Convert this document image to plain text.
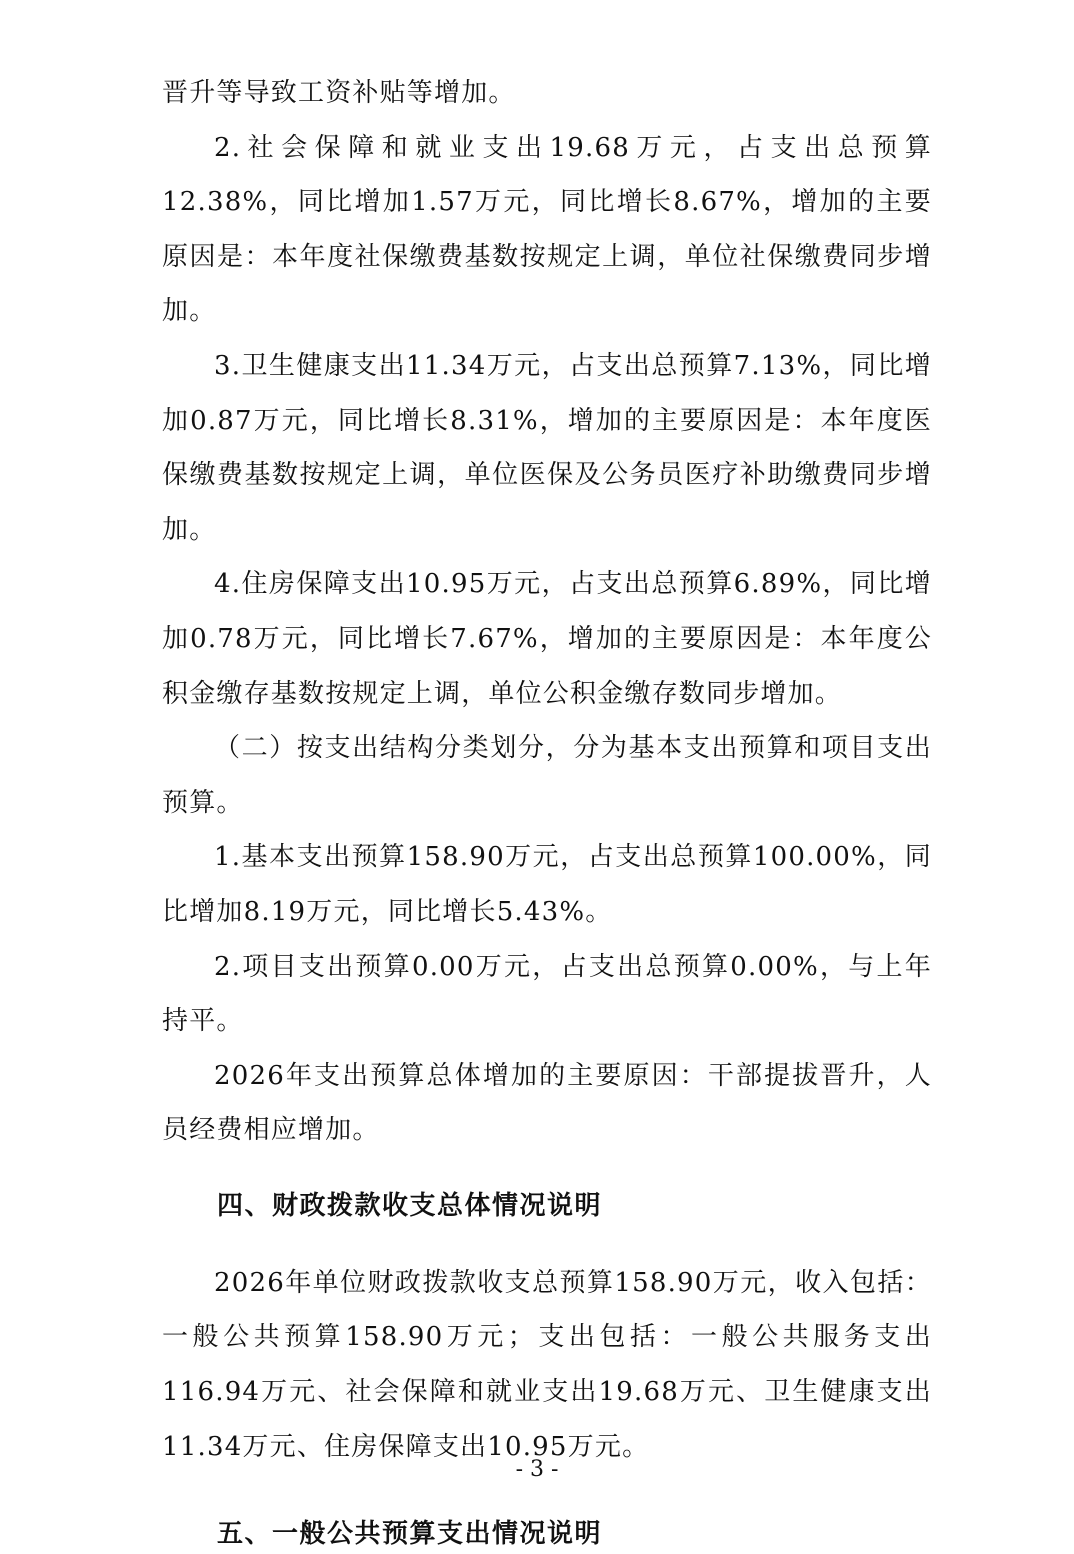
晋升等导致工资补贴等增加。

2.社会保障和就业支出19.68万元，占支出总预算12.38%，同比增加1.57万元，同比增长8.67%，增加的主要原因是：本年度社保缴费基数按规定上调，单位社保缴费同步增加。

3.卫生健康支出11.34万元，占支出总预算7.13%，同比增加0.87万元，同比增长8.31%，增加的主要原因是：本年度医保缴费基数按规定上调，单位医保及公务员医疗补助缴费同步增加。

4.住房保障支出10.95万元，占支出总预算6.89%，同比增加0.78万元，同比增长7.67%，增加的主要原因是：本年度公积金缴存基数按规定上调，单位公积金缴存数同步增加。

（二）按支出结构分类划分，分为基本支出预算和项目支出预算。

1.基本支出预算158.90万元，占支出总预算100.00%，同比增加8.19万元，同比增长5.43%。

2.项目支出预算0.00万元，占支出总预算0.00%，与上年持平。

2026年支出预算总体增加的主要原因：干部提拔晋升，人员经费相应增加。

四、财政拨款收支总体情况说明

2026年单位财政拨款收支总预算158.90万元，收入包括：一般公共预算158.90万元；支出包括：一般公共服务支出116.94万元、社会保障和就业支出19.68万元、卫生健康支出11.34万元、住房保障支出10.95万元。

五、一般公共预算支出情况说明
- 3 -
